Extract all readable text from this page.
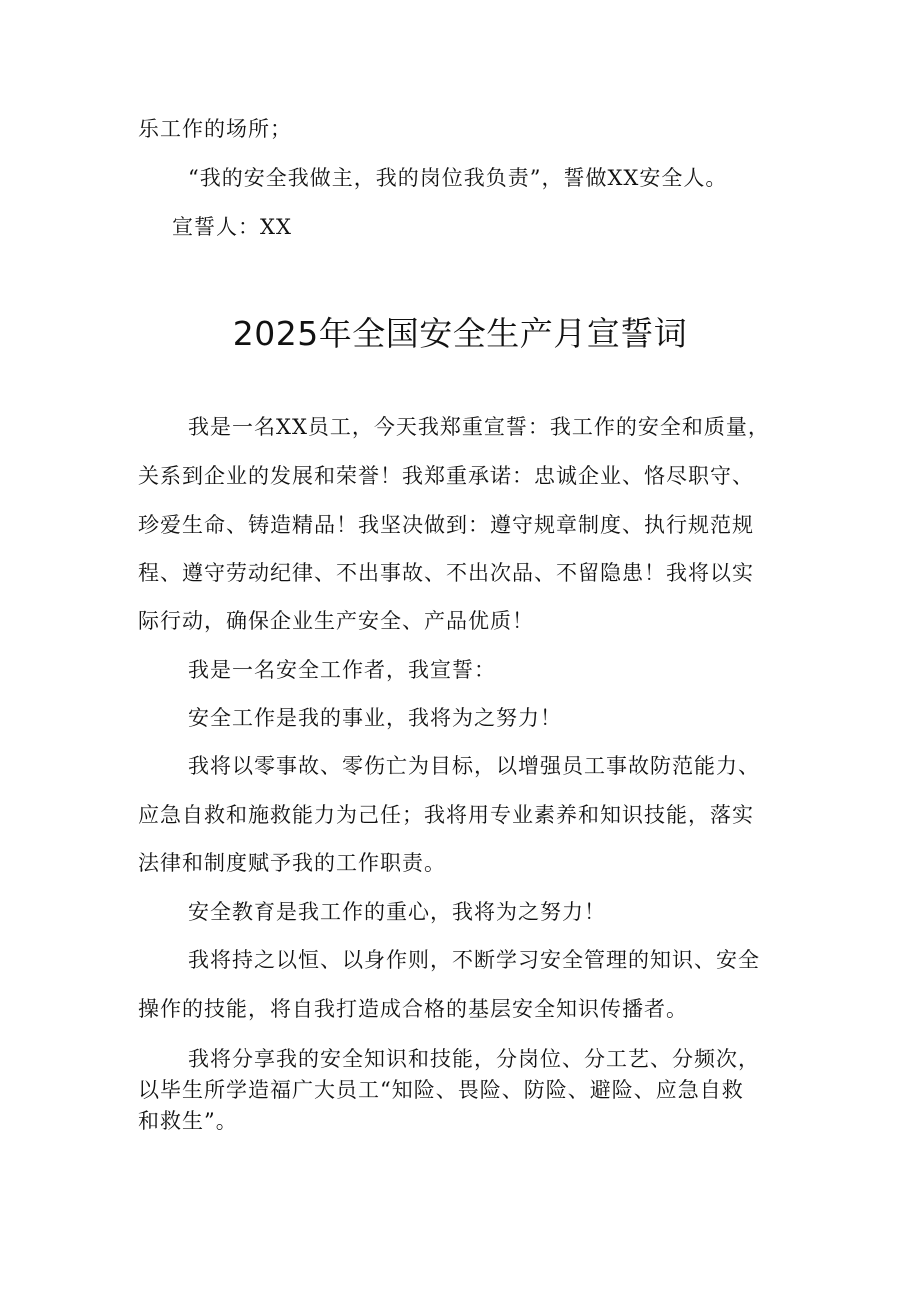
乐工作的场所；
“我的安全我做主，我的岗位我负责”，誓做XX安全人。
宣誓人：XX
2025年全国安全生产月宣誓词
我是一名XX员工，今天我郑重宣誓：我工作的安全和质量，
关系到企业的发展和荣誉！我郑重承诺：忠诚企业、恪尽职守、
珍爱生命、铸造精品！我坚决做到：遵守规章制度、执行规范规
程、遵守劳动纪律、不出事故、不出次品、不留隐患！我将以实
际行动，确保企业生产安全、产品优质！
我是一名安全工作者，我宣誓：
安全工作是我的事业，我将为之努力！
我将以零事故、零伤亡为目标，以增强员工事故防范能力、
应急自救和施救能力为己任；我将用专业素养和知识技能，落实
法律和制度赋予我的工作职责。
安全教育是我工作的重心，我将为之努力！
我将持之以恒、以身作则，不断学习安全管理的知识、安全
操作的技能，将自我打造成合格的基层安全知识传播者。
我将分享我的安全知识和技能，分岗位、分工艺、分频次，
以毕生所学造福广大员工“知险、畏险、防险、避险、应急自救
和救生”。
